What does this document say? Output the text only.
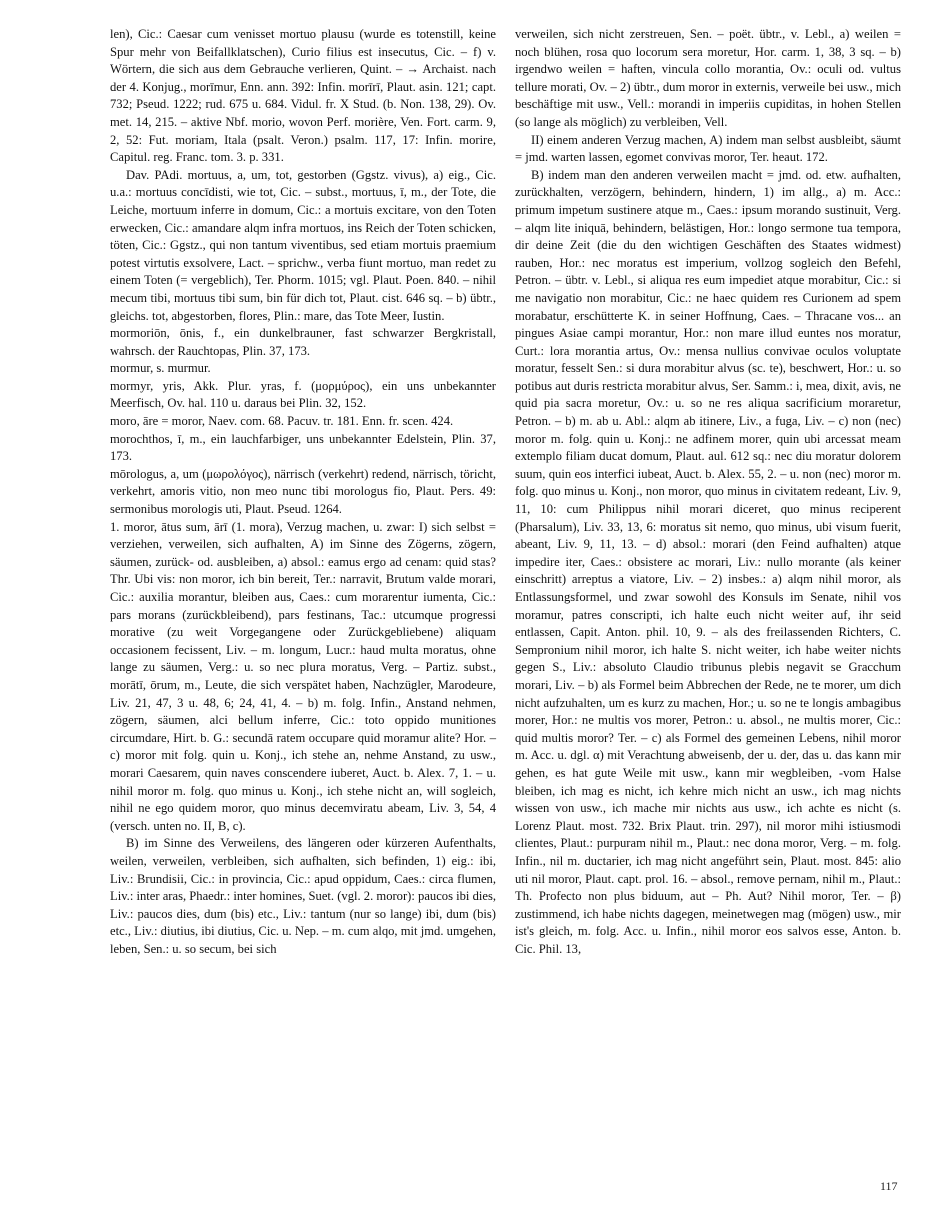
len), Cic.: Caesar cum venisset mortuo plausu (wurde es totenstill, keine Spur mehr von Beifallklatschen), Curio filius est insecutus, Cic. – f) v. Wörtern, die sich aus dem Gebrauche verlieren, Quint. – → Archaist. nach der 4. Konjug., morīmur, Enn. ann. 392: Infin. morīrī, Plaut. asin. 121; capt. 732; Pseud. 1222; rud. 675 u. 684. Vidul. fr. X Stud. (b. Non. 138, 29). Ov. met. 14, 215. – aktive Nbf. morio, wovon Perf. morière, Ven. Fort. carm. 9, 2, 52: Fut. moriam, Itala (psalt. Veron.) psalm. 117, 17: Infin. morire, Capitul. reg. Franc. tom. 3. p. 331.

Dav. PAdi. mortuus, a, um, tot, gestorben (Ggstz. vivus), a) eig., Cic. u.a.: mortuus concīdisti, wie tot, Cic. – subst., mortuus, ī, m., der Tote, die Leiche, mortuum inferre in domum, Cic.: a mortuis excitare, von den Toten erwecken, Cic.: amandare alqm infra mortuos, ins Reich der Toten schicken, töten, Cic.: Ggstz., qui non tantum viventibus, sed etiam mortuis praemium potest virtutis exsolvere, Lact. – sprichw., verba fiunt mortuo, man redet zu einem Toten (= vergeblich), Ter. Phorm. 1015; vgl. Plaut. Poen. 840. – nihil mecum tibi, mortuus tibi sum, bin für dich tot, Plaut. cist. 646 sq. – b) übtr., gleichs. tot, abgestorben, flores, Plin.: mare, das Tote Meer, Iustin.

mormoriōn, ōnis, f., ein dunkelbrauner, fast schwarzer Bergkristall, wahrsch. der Rauchtopas, Plin. 37, 173.

mormur, s. murmur.

mormyr, yris, Akk. Plur. yras, f. (μορμύρος), ein uns unbekannter Meerfisch, Ov. hal. 110 u. daraus bei Plin. 32, 152.

moro, āre = moror, Naev. com. 68. Pacuv. tr. 181. Enn. fr. scen. 424.

morochthos, ī, m., ein lauchfarbiger, uns unbekannter Edelstein, Plin. 37, 173.

mōrologus, a, um (μωρολόγος), närrisch (verkehrt) redend, närrisch, töricht, verkehrt, amoris vitio, non meo nunc tibi morologus fio, Plaut. Pers. 49: sermonibus morologis uti, Plaut. Pseud. 1264.

1. moror, ātus sum, ārī (1. mora), Verzug machen, u. zwar: I) sich selbst = verziehen, verweilen, sich aufhalten, A) im Sinne des Zögerns, zögern, säumen, zurück- od. ausbleiben, a) absol.: eamus ergo ad cenam: quid stas? Thr. Ubi vis: non moror, ich bin bereit, Ter.: narravit, Brutum valde morari, Cic.: auxilia morantur, bleiben aus, Caes.: cum morarentur iumenta, Cic.: pars morans (zurückbleibend), pars festinans, Tac.: utcumque progressi morative (zu weit Vorgegangene oder Zurückgebliebene) aliquam occasionem fecissent, Liv. – m. longum, Lucr.: haud multa moratus, ohne lange zu säumen, Verg.: u. so nec plura moratus, Verg. – Partiz. subst., morātī, ōrum, m., Leute, die sich verspätet haben, Nachzügler, Marodeure, Liv. 21, 47, 3 u. 48, 6; 24, 41, 4. – b) m. folg. Infin., Anstand nehmen, zögern, säumen, alci bellum inferre, Cic.: toto oppido munitiones circumdare, Hirt. b. G.: secundā ratem occupare quid moramur alite? Hor. – c) moror mit folg. quin u. Konj., ich stehe an, nehme Anstand, zu usw., morari Caesarem, quin naves conscendere iuberet, Auct. b. Alex. 7, 1. – u. nihil moror m. folg. quo minus u. Konj., ich stehe nicht an, will sogleich, nihil ne ego quidem moror, quo minus decemviratu abeam, Liv. 3, 54, 4 (versch. unten no. II, B, c).

B) im Sinne des Verweilens, des längeren oder kürzeren Aufenthalts, weilen, verweilen, verbleiben, sich aufhalten, sich befinden, 1) eig.: ibi, Liv.: Brundisii, Cic.: in provincia, Cic.: apud oppidum, Caes.: circa flumen, Liv.: inter aras, Phaedr.: inter homines, Suet. (vgl. 2. moror): paucos ibi dies, Liv.: paucos dies, dum (bis) etc., Liv.: tantum (nur so lange) ibi, dum (bis) etc., Liv.: diutius, ibi diutius, Cic. u. Nep. – m. cum alqo, mit jmd. umgehen, leben, Sen.: u. so secum, bei sich

verweilen, sich nicht zerstreuen, Sen. – poët. übtr., v. Lebl., a) weilen = noch blühen, rosa quo locorum sera moretur, Hor. carm. 1, 38, 3 sq. – b) irgendwo weilen = haften, vincula collo morantia, Ov.: oculi od. vultus tellure morati, Ov. – 2) übtr., dum moror in externis, verweile bei usw., mich beschäftige mit usw., Vell.: morandi in imperiis cupiditas, in hohen Stellen (so lange als möglich) zu verbleiben, Vell.

II) einem anderen Verzug machen, A) indem man selbst ausbleibt, säumt = jmd. warten lassen, egomet convivas moror, Ter. heaut. 172.

B) indem man den anderen verweilen macht = jmd. od. etw. aufhalten, zurückhalten, verzögern, behindern, hindern, 1) im allg., a) m. Acc.: primum impetum sustinere atque m., Caes.: ipsum morando sustinuit, Verg. – alqm lite iniquā, behindern, belästigen, Hor.: longo sermone tua tempora, dir deine Zeit (die du den wichtigen Geschäften des Staates widmest) rauben, Hor.: nec moratus est imperium, vollzog sogleich den Befehl, Petron. – übtr. v. Lebl., si aliqua res eum impediet atque morabitur, Cic.: si me navigatio non morabitur, Cic.: ne haec quidem res Curionem ad spem morabatur, erschütterte K. in seiner Hoffnung, Caes. – Thracane vos... an pingues Asiae campi morantur, Hor.: non mare illud euntes nos moratur, Curt.: lora morantia artus, Ov.: mensa nullius convivae oculos voluptate moratur, fesselt Sen.: si dura morabitur alvus (sc. te), beschwert, Hor.: u. so potibus aut duris restricta morabitur alvus, Ser. Samm.: i, mea, dixit, avis, ne quid pia sacra moretur, Ov.: u. so ne res aliqua sacrificium moraretur, Petron. – b) m. ab u. Abl.: alqm ab itinere, Liv., a fuga, Liv. – c) non (nec) moror m. folg. quin u. Konj.: ne adfinem morer, quin ubi arcessat meam extemplo filiam ducat domum, Plaut. aul. 612 sq.: nec diu moratur dolorem suum, quin eos interfici iubeat, Auct. b. Alex. 55, 2. – u. non (nec) moror m. folg. quo minus u. Konj., non moror, quo minus in civitatem redeant, Liv. 9, 11, 10: cum Philippus nihil morari diceret, quo minus reciperent (Pharsalum), Liv. 33, 13, 6: moratus sit nemo, quo minus, ubi visum fuerit, abeant, Liv. 9, 11, 13. – d) absol.: morari (den Feind aufhalten) atque impedire iter, Caes.: obsistere ac morari, Liv.: nullo morante (als keiner einschritt) arreptus a viatore, Liv. – 2) insbes.: a) alqm nihil moror, als Entlassungsformel, und zwar sowohl des Konsuls im Senate, nihil vos moramur, patres conscripti, ich halte euch nicht weiter auf, ihr seid entlassen, Capit. Anton. phil. 10, 9. – als des freilassenden Richters, C. Sempronium nihil moror, ich halte S. nicht weiter, ich habe weiter nichts gegen S., Liv.: absoluto Claudio tribunus plebis negavit se Gracchum morari, Liv. – b) als Formel beim Abbrechen der Rede, ne te morer, um dich nicht aufzuhalten, um es kurz zu machen, Hor.; u. so ne te longis ambagibus morer, Hor.: ne multis vos morer, Petron.: u. absol., ne multis morer, Cic.: quid multis moror? Ter. – c) als Formel des gemeinen Lebens, nihil moror m. Acc. u. dgl. α) mit Verachtung abweisenb, der u. der, das u. das kann mir gehen, es hat gute Weile mit usw., kann mir wegbleiben, -vom Halse bleiben, ich mag es nicht, ich kehre mich nicht an usw., ich mag nichts wissen von usw., ich mache mir nichts aus usw., ich achte es nicht (s. Lorenz Plaut. most. 732. Brix Plaut. trin. 297), nil moror mihi istiusmodi clientes, Plaut.: purpuram nihil m., Plaut.: nec dona moror, Verg. – m. folg. Infin., nil m. ductarier, ich mag nicht angeführt sein, Plaut. most. 845: alio uti nil moror, Plaut. capt. prol. 16. – absol., remove pernam, nihil m., Plaut.: Th. Profecto non plus biduum, aut – Ph. Aut? Nihil moror, Ter. – β) zustimmend, ich habe nichts dagegen, meinetwegen mag (mögen) usw., mir ist's gleich, m. folg. Acc. u. Infin., nihil moror eos salvos esse, Anton. b. Cic. Phil. 13,

117
